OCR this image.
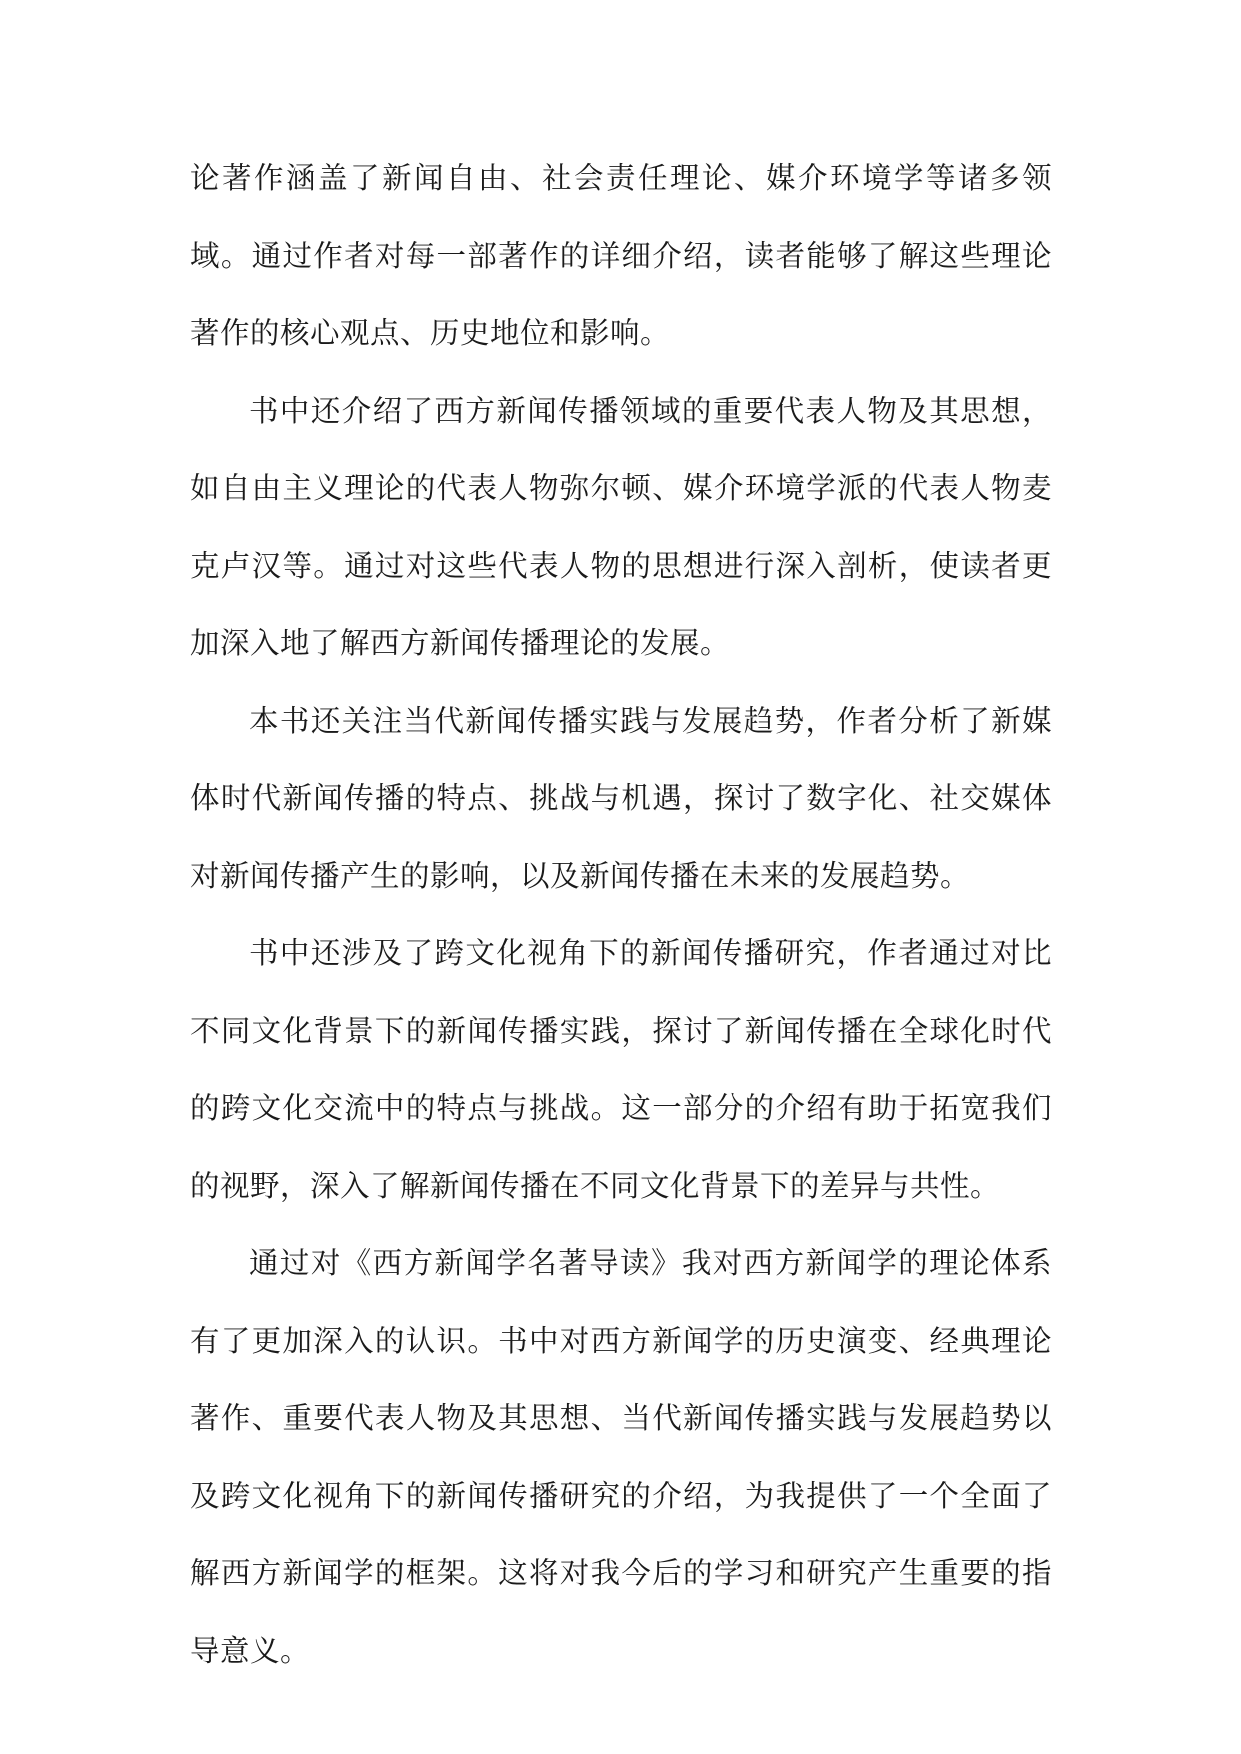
论著作涵盖了新闻自由、社会责任理论、媒介环境学等诸多领域。通过作者对每一部著作的详细介绍，读者能够了解这些理论著作的核心观点、历史地位和影响。

书中还介绍了西方新闻传播领域的重要代表人物及其思想，如自由主义理论的代表人物弥尔顿、媒介环境学派的代表人物麦克卢汉等。通过对这些代表人物的思想进行深入剖析，使读者更加深入地了解西方新闻传播理论的发展。

本书还关注当代新闻传播实践与发展趋势，作者分析了新媒体时代新闻传播的特点、挑战与机遇，探讨了数字化、社交媒体对新闻传播产生的影响，以及新闻传播在未来的发展趋势。

书中还涉及了跨文化视角下的新闻传播研究，作者通过对比不同文化背景下的新闻传播实践，探讨了新闻传播在全球化时代的跨文化交流中的特点与挑战。这一部分的介绍有助于拓宽我们的视野，深入了解新闻传播在不同文化背景下的差异与共性。

通过对《西方新闻学名著导读》我对西方新闻学的理论体系有了更加深入的认识。书中对西方新闻学的历史演变、经典理论著作、重要代表人物及其思想、当代新闻传播实践与发展趋势以及跨文化视角下的新闻传播研究的介绍，为我提供了一个全面了解西方新闻学的框架。这将对我今后的学习和研究产生重要的指导意义。
